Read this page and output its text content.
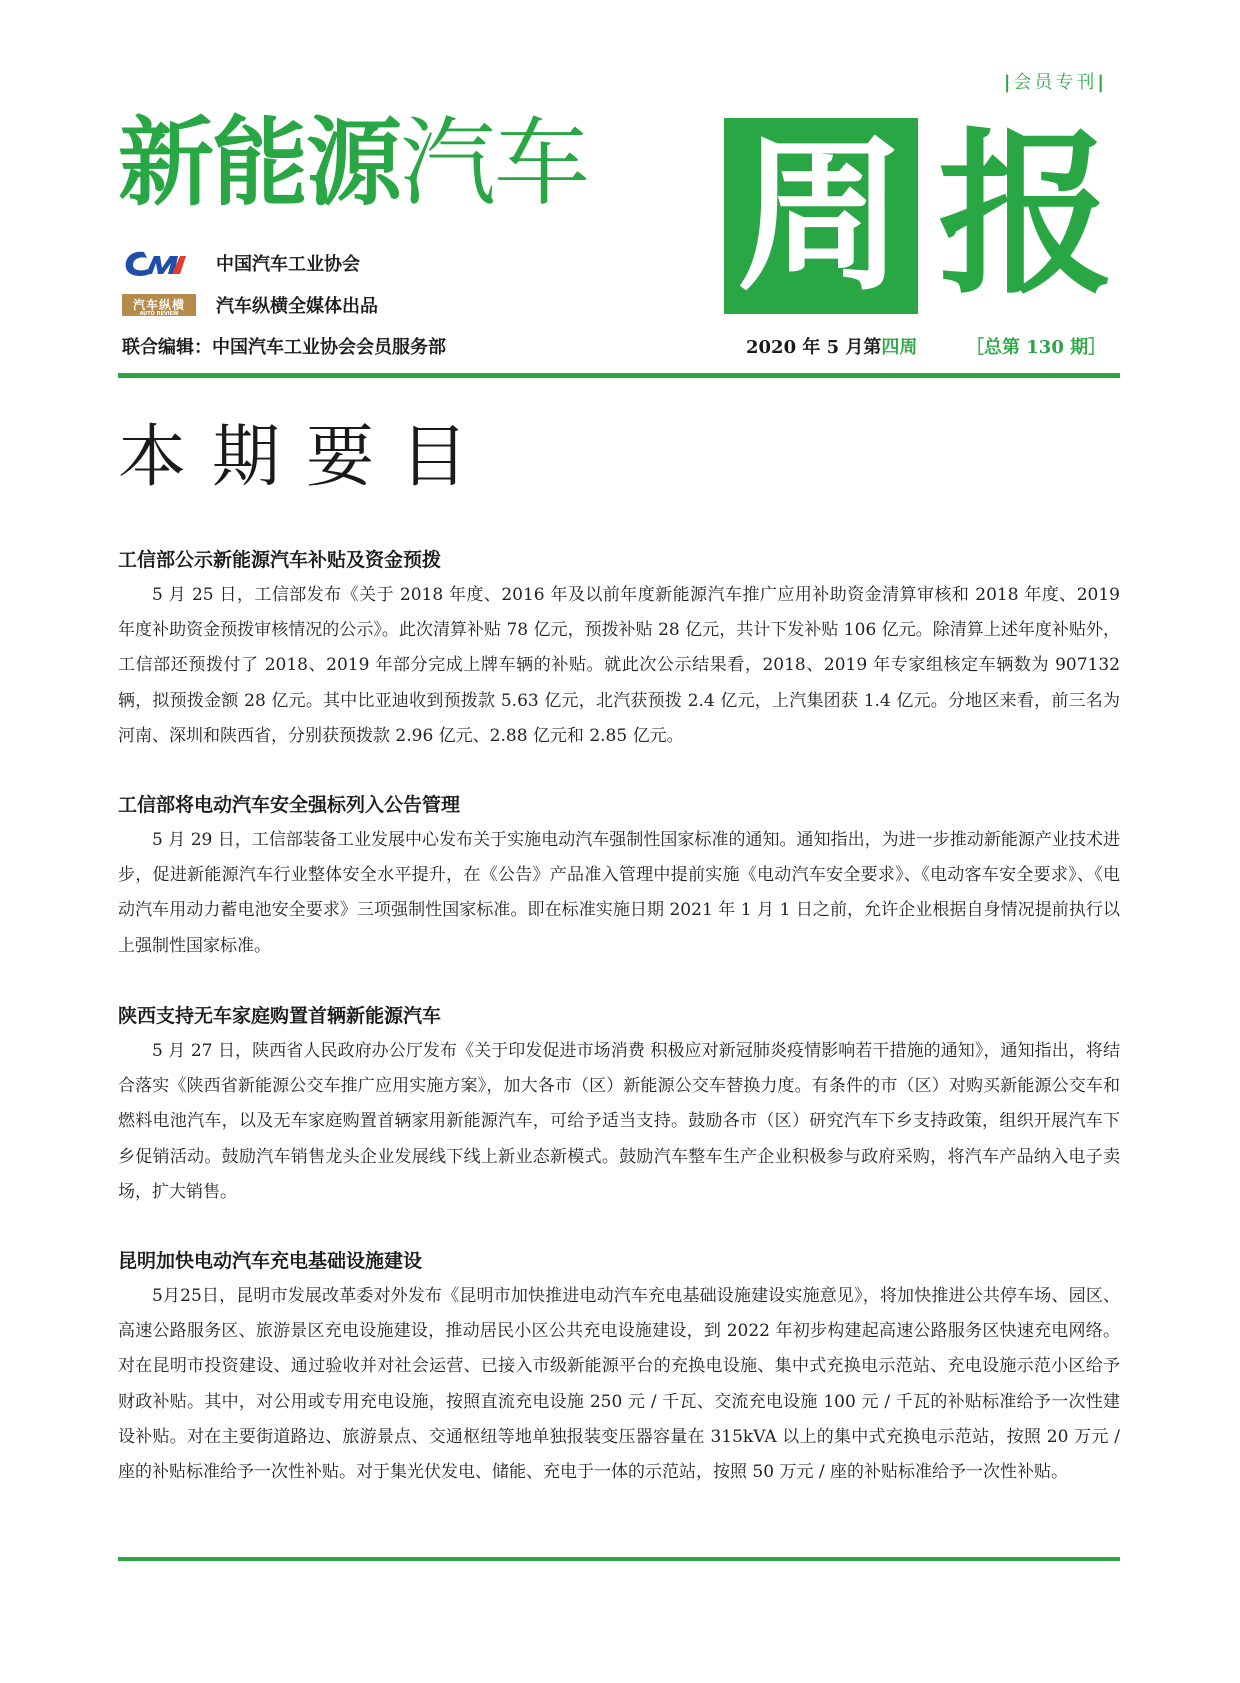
|会员专刊|
新能源汽车 周 报
中国汽车工业协会
汽车纵横
AUTO REVIEW	汽车纵横全媒体出品
联合编辑：中国汽车工业协会会员服务部	2020 年 5 月第四周	［总第 130 期］
本期要目
工信部公示新能源汽车补贴及资金预拨

5 月 25 日，工信部发布《关于 2018 年度、2016 年及以前年度新能源汽车推广应用补助资金清算审核和 2018 年度、2019 年度补助资金预拨审核情况的公示》。此次清算补贴 78 亿元，预拨补贴 28 亿元，共计下发补贴 106 亿元。除清算上述年度补贴外，工信部还预拨付了 2018、2019 年部分完成上牌车辆的补贴。就此次公示结果看，2018、2019 年专家组核定车辆数为 907132 辆，拟预拨金额 28 亿元。其中比亚迪收到预拨款 5.63 亿元，北汽获预拨 2.4 亿元，上汽集团获 1.4 亿元。分地区来看，前三名为河南、深圳和陕西省，分别获预拨款 2.96 亿元、2.88 亿元和 2.85 亿元。

工信部将电动汽车安全强标列入公告管理

5 月 29 日，工信部装备工业发展中心发布关于实施电动汽车强制性国家标准的通知。通知指出，为进一步推动新能源产业技术进步，促进新能源汽车行业整体安全水平提升，在《公告》产品准入管理中提前实施《电动汽车安全要求》、《电动客车安全要求》、《电动汽车用动力蓄电池安全要求》三项强制性国家标准。即在标准实施日期 2021 年 1 月 1 日之前，允许企业根据自身情况提前执行以上强制性国家标准。

陕西支持无车家庭购置首辆新能源汽车

5 月 27 日，陕西省人民政府办公厅发布《关于印发促进市场消费 积极应对新冠肺炎疫情影响若干措施的通知》，通知指出，将结合落实《陕西省新能源公交车推广应用实施方案》，加大各市（区）新能源公交车替换力度。有条件的市（区）对购买新能源公交车和燃料电池汽车，以及无车家庭购置首辆家用新能源汽车，可给予适当支持。鼓励各市（区）研究汽车下乡支持政策，组织开展汽车下乡促销活动。鼓励汽车销售龙头企业发展线下线上新业态新模式。鼓励汽车整车生产企业积极参与政府采购，将汽车产品纳入电子卖场，扩大销售。

昆明加快电动汽车充电基础设施建设

5月25日，昆明市发展改革委对外发布《昆明市加快推进电动汽车充电基础设施建设实施意见》，将加快推进公共停车场、园区、高速公路服务区、旅游景区充电设施建设，推动居民小区公共充电设施建设，到 2022 年初步构建起高速公路服务区快速充电网络。对在昆明市投资建设、通过验收并对社会运营、已接入市级新能源平台的充换电设施、集中式充换电示范站、充电设施示范小区给予财政补贴。其中，对公用或专用充电设施，按照直流充电设施 250 元 / 千瓦、交流充电设施 100 元 / 千瓦的补贴标准给予一次性建设补贴。对在主要街道路边、旅游景点、交通枢纽等地单独报装变压器容量在 315kVA 以上的集中式充换电示范站，按照 20 万元 / 座的补贴标准给予一次性补贴。对于集光伏发电、储能、充电于一体的示范站，按照 50 万元 / 座的补贴标准给予一次性补贴。
